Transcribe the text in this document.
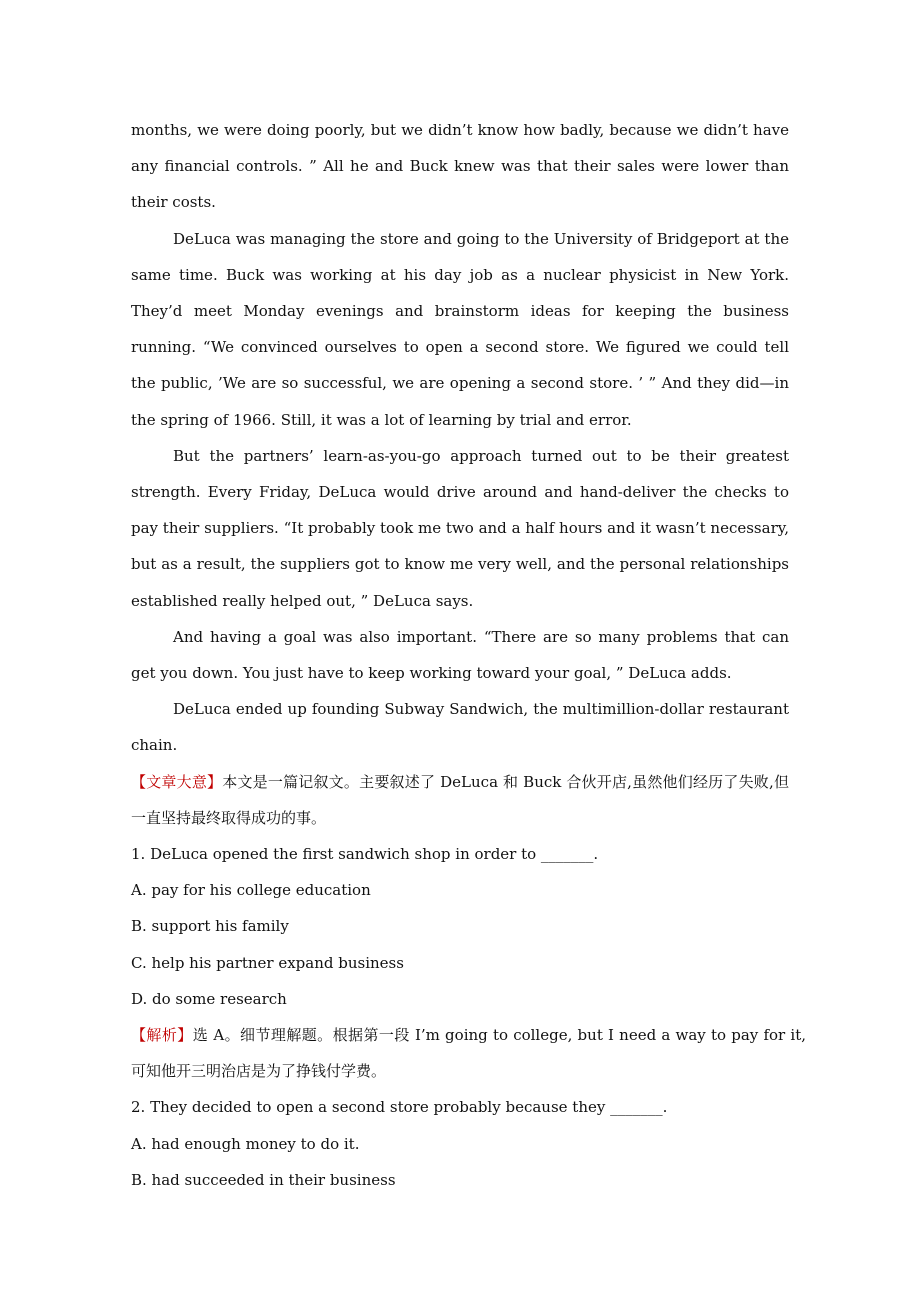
months, we were doing poorly, but we didn’t know how badly, because we didn’t have any financial controls. ” All he and Buck knew was that their sales were lower than their costs.

DeLuca was managing the store and going to the University of Bridgeport at the same time. Buck was working at his day job as a nuclear physicist in New York. They’d meet Monday evenings and brainstorm ideas for keeping the business running. “We convinced ourselves to open a second store. We figured we could tell the public, ’We are so successful, we are opening a second store. ’ ” And they did—in the spring of 1966. Still, it was a lot of learning by trial and error.

But the partners’ learn-as-you-go approach turned out to be their greatest strength. Every Friday, DeLuca would drive around and hand-deliver the checks to pay their suppliers. “It probably took me two and a half hours and it wasn’t necessary, but as a result, the suppliers got to know me very well, and the personal relationships established really helped out, ” DeLuca says.

And having a goal was also important. “There are so many problems that can get you down. You just have to keep working toward your goal, ” DeLuca adds.

DeLuca ended up founding Subway Sandwich, the multimillion-dollar restaurant chain.

【文章大意】本文是一篇记叙文。主要叙述了 DeLuca 和 Buck 合伙开店,虽然他们经历了失败,但一直坚持最终取得成功的事。

1. DeLuca opened the first sandwich shop in order to _______.

A. pay for his college education

B. support his family

C. help his partner expand business

D. do some research

【解析】选 A。细节理解题。根据第一段 I’m going to college, but I need a way to pay for it, 可知他开三明治店是为了挣钱付学费。

2. They decided to open a second store probably because they _______.

A. had enough money to do it.

B. had succeeded in their business
